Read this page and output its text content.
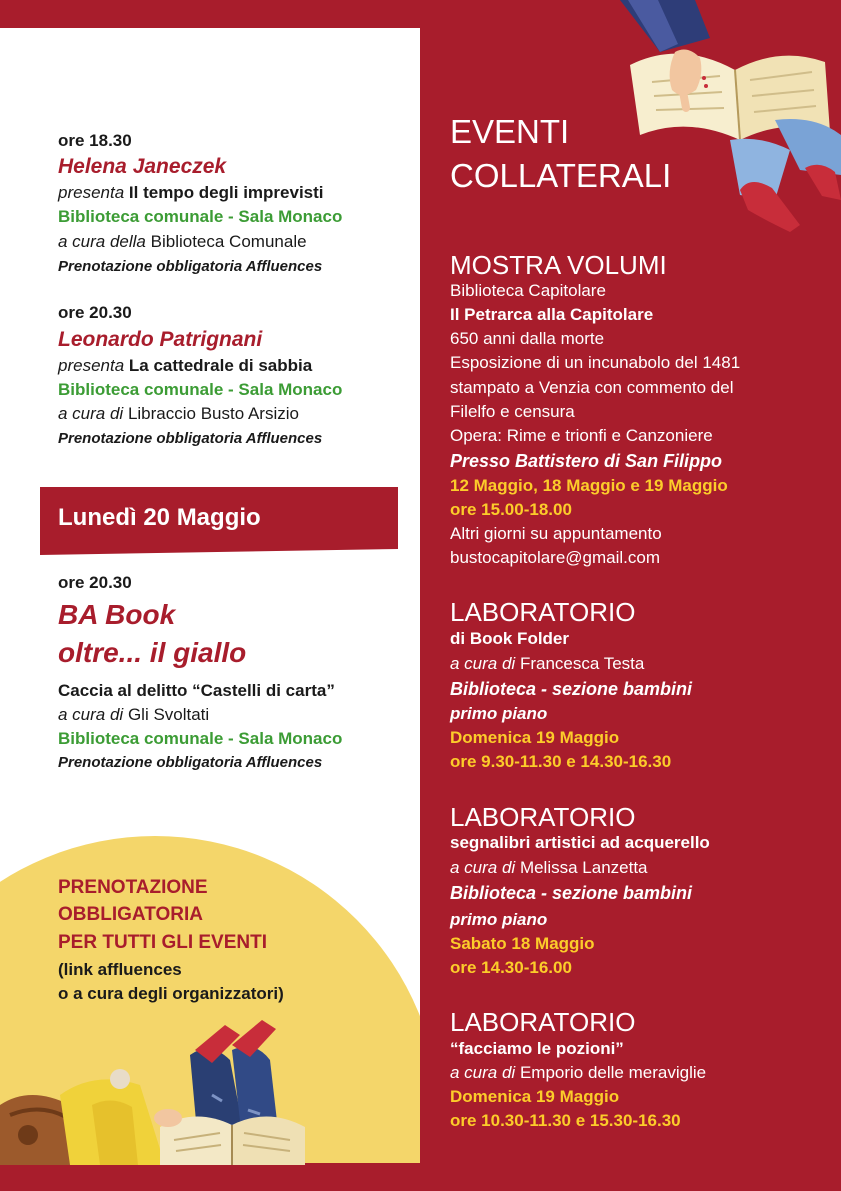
ore 18.30
Helena Janeczek
presenta Il tempo degli imprevisti
Biblioteca comunale - Sala Monaco
a cura della Biblioteca Comunale
Prenotazione obbligatoria Affluences
ore 20.30
Leonardo Patrignani
presenta La cattedrale di sabbia
Biblioteca comunale - Sala Monaco
a cura di Libraccio Busto Arsizio
Prenotazione obbligatoria Affluences
Lunedì 20 Maggio
ore 20.30
BA Book
oltre... il giallo
Caccia al delitto “Castelli di carta”
a cura di Gli Svoltati
Biblioteca comunale - Sala Monaco
Prenotazione obbligatoria Affluences
PRENOTAZIONE
OBBLIGATORIA
PER TUTTI GLI EVENTI
(link affluences
o a cura degli organizzatori)
EVENTI
COLLATERALI
MOSTRA VOLUMI
Biblioteca Capitolare
Il Petrarca alla Capitolare
650 anni dalla morte
Esposizione di un incunabolo del 1481
stampato a Venzia con commento del
Filelfo e censura
Opera: Rime e trionfi e Canzoniere
Presso Battistero di San Filippo
12 Maggio, 18 Maggio e 19 Maggio
ore 15.00-18.00
Altri giorni su appuntamento
bustocapitolare@gmail.com
LABORATORIO
di Book Folder
a cura di Francesca Testa
Biblioteca - sezione bambini
primo piano
Domenica 19 Maggio
ore 9.30-11.30 e 14.30-16.30
LABORATORIO
segnalibri artistici ad acquerello
a cura di Melissa Lanzetta
Biblioteca - sezione bambini
primo piano
Sabato 18 Maggio
ore 14.30-16.00
LABORATORIO
“facciamo le pozioni”
a cura di Emporio delle meraviglie
Domenica 19 Maggio
ore 10.30-11.30 e 15.30-16.30
